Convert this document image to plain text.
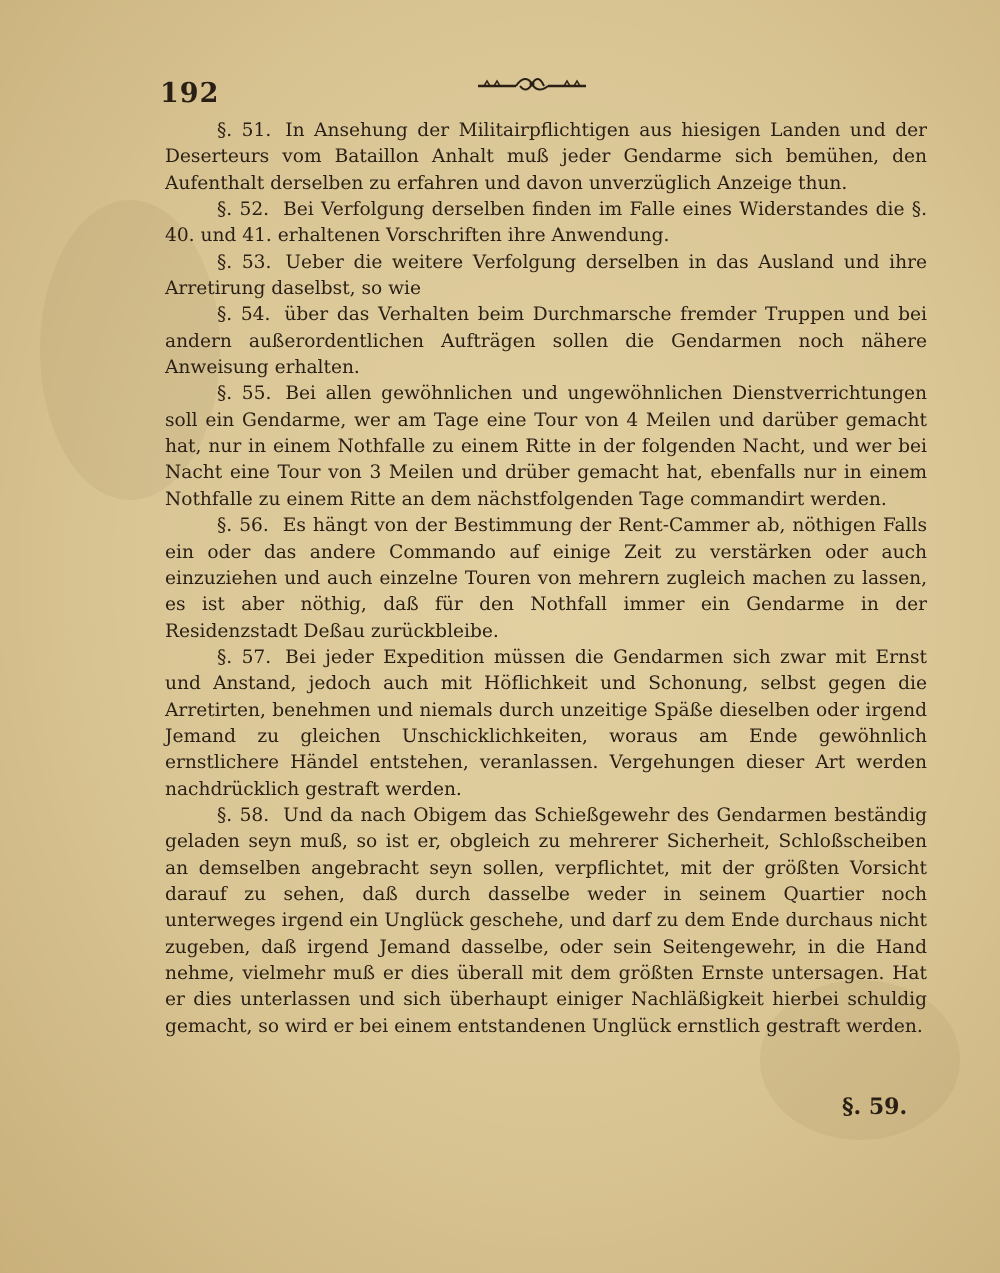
192

§. 51. In Ansehung der Militairpflichtigen aus hiesigen Landen und der Deserteurs vom Bataillon Anhalt muß jeder Gendarme sich bemühen, den Aufenthalt derselben zu erfahren und davon unverzüglich Anzeige thun.

§. 52. Bei Verfolgung derselben finden im Falle eines Widerstandes die §. 40. und 41. erhaltenen Vorschriften ihre Anwendung.

§. 53. Ueber die weitere Verfolgung derselben in das Ausland und ihre Arretirung daselbst, so wie

§. 54. über das Verhalten beim Durchmarsche fremder Truppen und bei andern außerordentlichen Aufträgen sollen die Gendarmen noch nähere Anweisung erhalten.

§. 55. Bei allen gewöhnlichen und ungewöhnlichen Dienstverrichtungen soll ein Gendarme, wer am Tage eine Tour von 4 Meilen und darüber gemacht hat, nur in einem Nothfalle zu einem Ritte in der folgenden Nacht, und wer bei Nacht eine Tour von 3 Meilen und drüber gemacht hat, ebenfalls nur in einem Nothfalle zu einem Ritte an dem nächstfolgenden Tage commandirt werden.

§. 56. Es hängt von der Bestimmung der Rent-Cammer ab, nöthigen Falls ein oder das andere Commando auf einige Zeit zu verstärken oder auch einzuziehen und auch einzelne Touren von mehrern zugleich machen zu lassen, es ist aber nöthig, daß für den Nothfall immer ein Gendarme in der Residenzstadt Deßau zurückbleibe.

§. 57. Bei jeder Expedition müssen die Gendarmen sich zwar mit Ernst und Anstand, jedoch auch mit Höflichkeit und Schonung, selbst gegen die Arretirten, benehmen und niemals durch unzeitige Späße dieselben oder irgend Jemand zu gleichen Unschicklichkeiten, woraus am Ende gewöhnlich ernstlichere Händel entstehen, veranlassen. Vergehungen dieser Art werden nachdrücklich gestraft werden.

§. 58. Und da nach Obigem das Schießgewehr des Gendarmen beständig geladen seyn muß, so ist er, obgleich zu mehrerer Sicherheit, Schloßscheiben an demselben angebracht seyn sollen, verpflichtet, mit der größten Vorsicht darauf zu sehen, daß durch dasselbe weder in seinem Quartier noch unterweges irgend ein Unglück geschehe, und darf zu dem Ende durchaus nicht zugeben, daß irgend Jemand dasselbe, oder sein Seitengewehr, in die Hand nehme, vielmehr muß er dies überall mit dem größten Ernste untersagen. Hat er dies unterlassen und sich überhaupt einiger Nachläßigkeit hierbei schuldig gemacht, so wird er bei einem entstandenen Unglück ernstlich gestraft werden.

§. 59.
